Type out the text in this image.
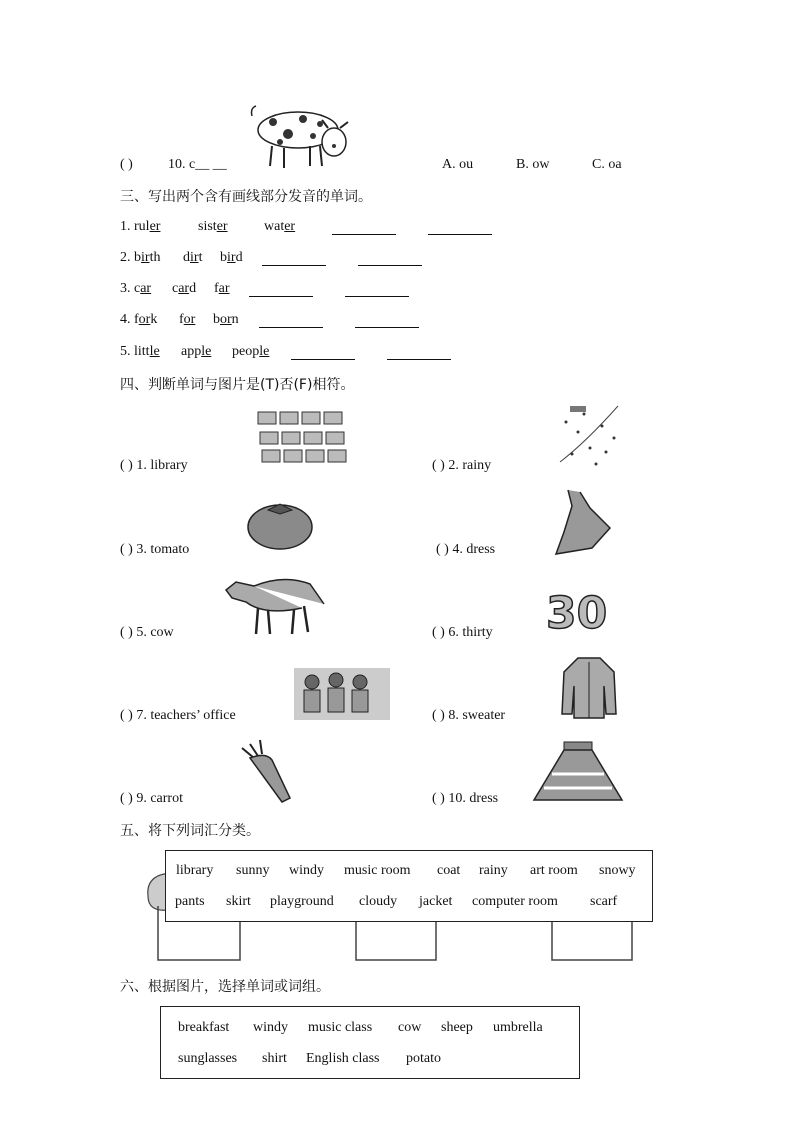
( )	10. c__ __	A. ou	B. ow	C. oa
三、写出两个含有画线部分发音的单词。
1. ruler	sister	water
2. birth dirt bird
3. car card far
4. fork for born
5. little apple people
四、判断单词与图片是(T)否(F)相符。
30
( ) 1. library	( ) 2. rainy
( ) 3. tomato	( ) 4. dress
( ) 5. cow	( ) 6. thirty
( ) 7. teachers’ office	( ) 8. sweater
( ) 9. carrot	( ) 10. dress
五、将下列词汇分类。
library sunny windy music room coat rainy art room snowy
pants skirt playground cloudy jacket computer room scarf
六、根据图片，选择单词或词组。
breakfast windy music class cow sheep umbrella
sunglasses shirt English class potato
